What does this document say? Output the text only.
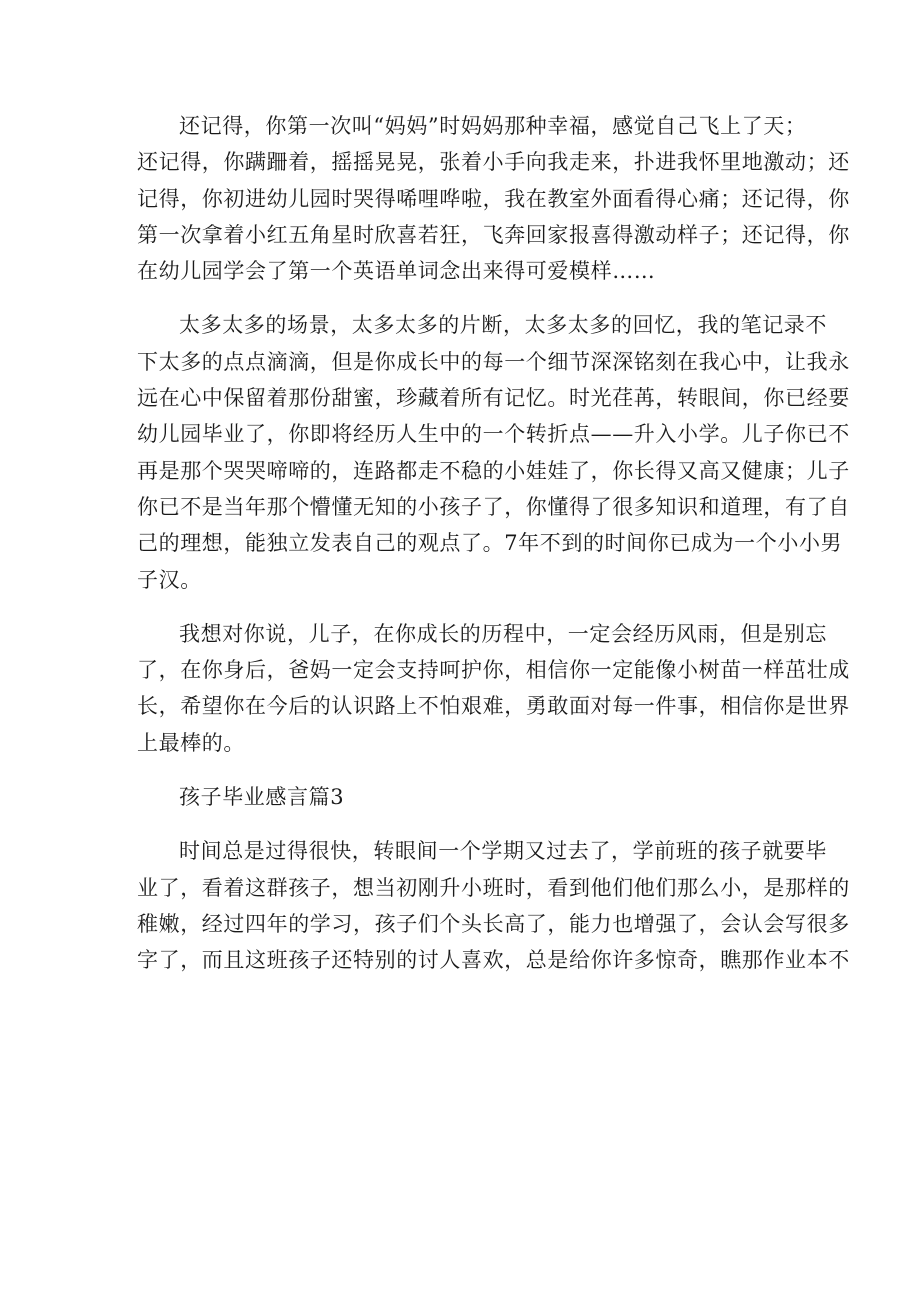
还记得，你第一次叫“妈妈”时妈妈那种幸福，感觉自己飞上了天；
还记得，你蹒跚着，摇摇晃晃，张着小手向我走来，扑进我怀里地激动；还
记得，你初进幼儿园时哭得唏哩哗啦，我在教室外面看得心痛；还记得，你
第一次拿着小红五角星时欣喜若狂，飞奔回家报喜得激动样子；还记得，你
在幼儿园学会了第一个英语单词念出来得可爱模样……

太多太多的场景，太多太多的片断，太多太多的回忆，我的笔记录不
下太多的点点滴滴，但是你成长中的每一个细节深深铭刻在我心中，让我永
远在心中保留着那份甜蜜，珍藏着所有记忆。时光荏苒，转眼间，你已经要
幼儿园毕业了，你即将经历人生中的一个转折点——升入小学。儿子你已不
再是那个哭哭啼啼的，连路都走不稳的小娃娃了，你长得又高又健康；儿子
你已不是当年那个懵懂无知的小孩子了，你懂得了很多知识和道理，有了自
己的理想，能独立发表自己的观点了。7年不到的时间你已成为一个小小男
子汉。

我想对你说，儿子，在你成长的历程中，一定会经历风雨，但是别忘
了，在你身后，爸妈一定会支持呵护你，相信你一定能像小树苗一样茁壮成
长，希望你在今后的认识路上不怕艰难，勇敢面对每一件事，相信你是世界
上最棒的。

孩子毕业感言篇3

时间总是过得很快，转眼间一个学期又过去了，学前班的孩子就要毕
业了，看着这群孩子，想当初刚升小班时，看到他们他们那么小，是那样的
稚嫩，经过四年的学习，孩子们个头长高了，能力也增强了，会认会写很多
字了，而且这班孩子还特别的讨人喜欢，总是给你许多惊奇，瞧那作业本不
